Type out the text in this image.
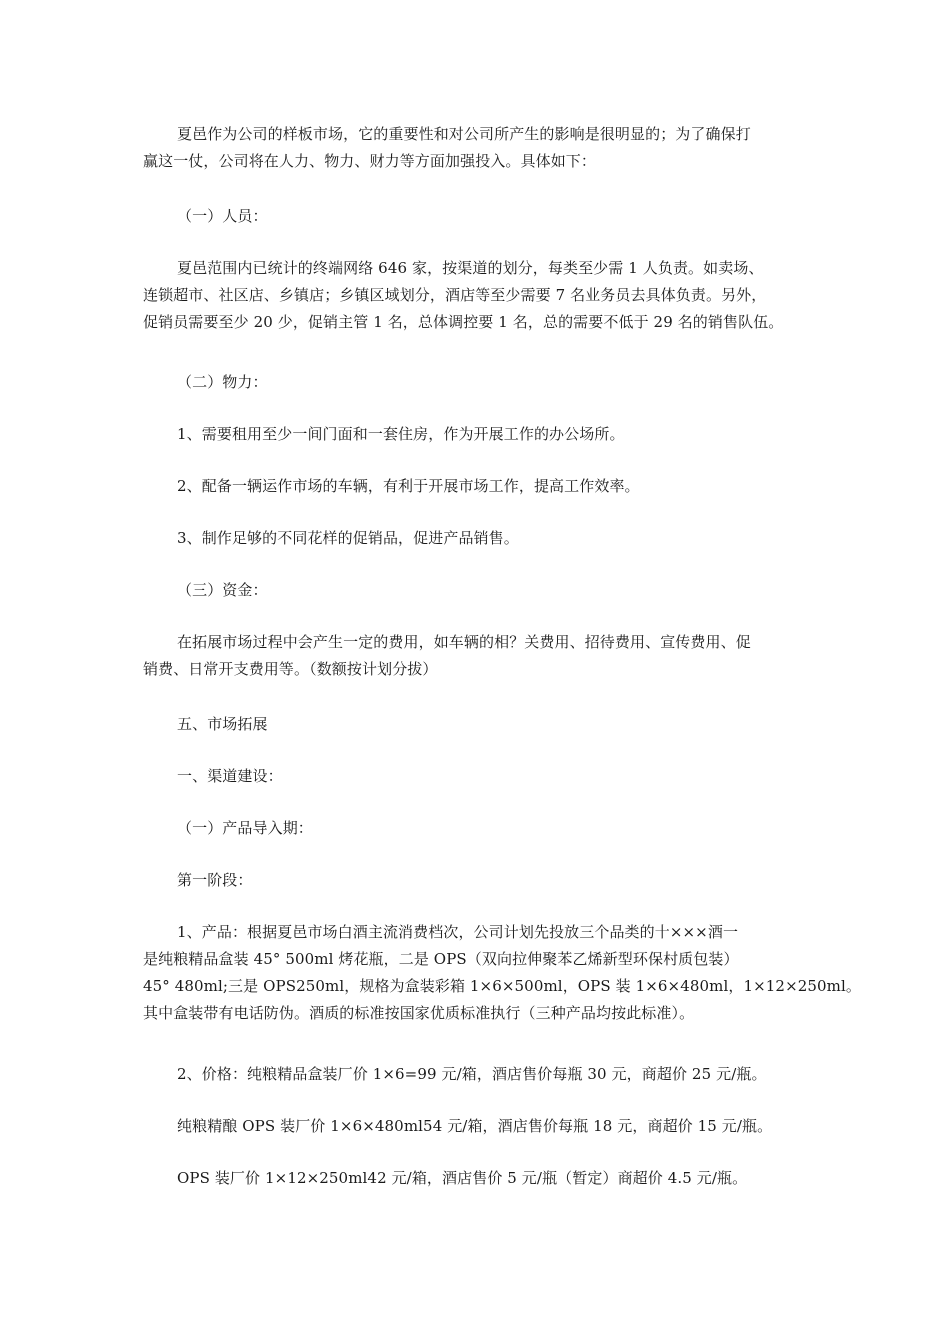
夏邑作为公司的样板市场，它的重要性和对公司所产生的影响是很明显的；为了确保打
赢这一仗，公司将在人力、物力、财力等方面加强投入。具体如下：
（一）人员：
夏邑范围内已统计的终端网络 646 家，按渠道的划分，每类至少需 1 人负责。如卖场、
连锁超市、社区店、乡镇店；乡镇区域划分，酒店等至少需要 7 名业务员去具体负责。另外，
促销员需要至少 20 少，促销主管 1 名，总体调控要 1 名，总的需要不低于 29 名的销售队伍。
（二）物力：
1、需要租用至少一间门面和一套住房，作为开展工作的办公场所。
2、配备一辆运作市场的车辆，有利于开展市场工作，提高工作效率。
3、制作足够的不同花样的促销品，促进产品销售。
（三）资金：
在拓展市场过程中会产生一定的费用，如车辆的相？关费用、招待费用、宣传费用、促
销费、日常开支费用等。（数额按计划分拔）
五、市场拓展
一、渠道建设：
（一）产品导入期：
第一阶段：
1、产品：根据夏邑市场白酒主流消费档次，公司计划先投放三个品类的十×××酒一
是纯粮精品盒装 45° 500ml 烤花瓶，二是 OPS（双向拉伸聚苯乙烯新型环保村质包装）
45° 480ml;三是 OPS250ml，规格为盒装彩箱 1×6×500ml，OPS 装 1×6×480ml，1×12×250ml。
其中盒装带有电话防伪。酒质的标准按国家优质标准执行（三种产品均按此标准）。
2、价格：纯粮精品盒装厂价 1×6=99 元/箱，酒店售价每瓶 30 元，商超价 25 元/瓶。
纯粮精酿 OPS 装厂价 1×6×480ml54 元/箱，酒店售价每瓶 18 元，商超价 15 元/瓶。
OPS 装厂价 1×12×250ml42 元/箱，酒店售价 5 元/瓶（暂定）商超价 4.5 元/瓶。
